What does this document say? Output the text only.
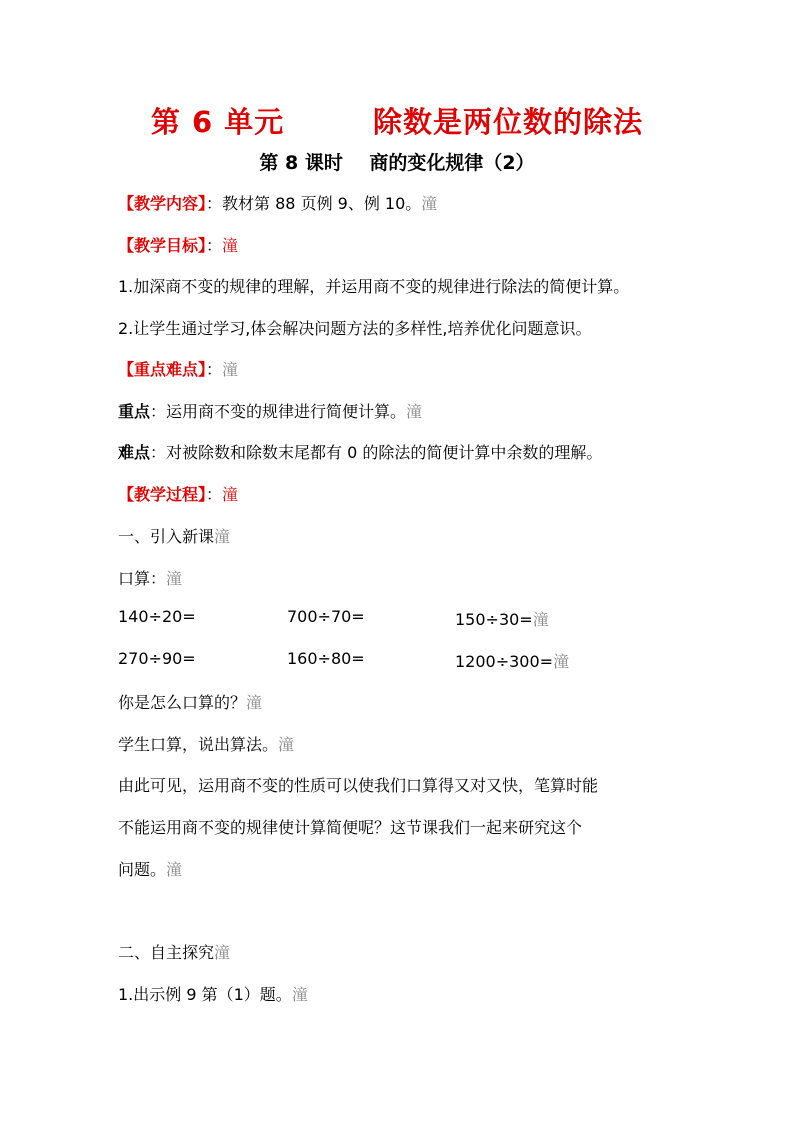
第 6 单元        除数是两位数的除法
第 8 课时    商的变化规律（2）
【教学内容】：教材第 88 页例 9、例 10。潼
【教学目标】：潼
1.加深商不变的规律的理解，并运用商不变的规律进行除法的简便计算。
2.让学生通过学习,体会解决问题方法的多样性,培养优化问题意识。
【重点难点】：潼
重点：运用商不变的规律进行简便计算。潼
难点：对被除数和除数末尾都有 0 的除法的简便计算中余数的理解。
【教学过程】：潼
一、引入新课潼
口算：潼
140÷20=	700÷70=	150÷30=潼
270÷90=	160÷80=	1200÷300=潼
你是怎么口算的？潼
学生口算，说出算法。潼
由此可见，运用商不变的性质可以使我们口算得又对又快，笔算时能
不能运用商不变的规律使计算简便呢？这节课我们一起来研究这个
问题。潼
二、自主探究潼
1.出示例 9 第（1）题。潼
